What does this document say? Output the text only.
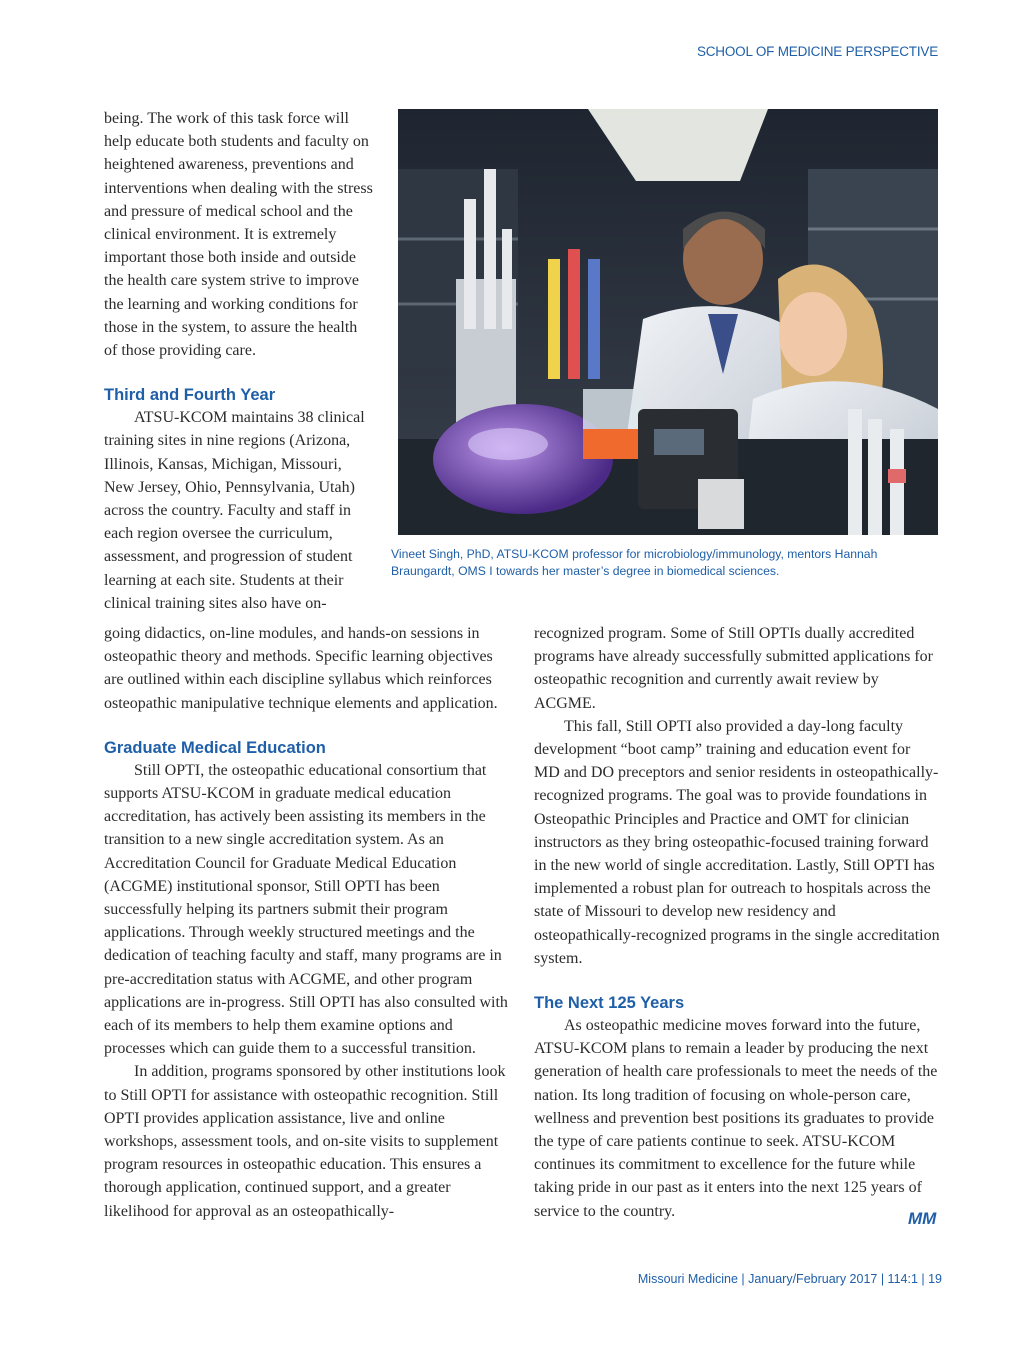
SCHOOL OF MEDICINE PERSPECTIVE

being. The work of this task force will help educate both students and faculty on heightened awareness, preventions and interventions when dealing with the stress and pressure of medical school and the clinical environment. It is extremely important those both inside and outside the health care system strive to improve the learning and working conditions for those in the system, to assure the health of those providing care.

Third and Fourth Year

ATSU-KCOM maintains 38 clinical training sites in nine regions (Arizona, Illinois, Kansas, Michigan, Missouri, New Jersey, Ohio, Pennsylvania, Utah) across the country. Faculty and staff in each region oversee the curriculum, assessment, and progression of student learning at each site. Students at their clinical training sites also have on-

Vineet Singh, PhD, ATSU-KCOM professor for microbiology/immunology, mentors Hannah Braungardt, OMS I towards her master’s degree in biomedical sciences.

going didactics, on-line modules, and hands-on sessions in osteopathic theory and methods. Specific learning objectives are outlined within each discipline syllabus which reinforces osteopathic manipulative technique elements and application.

Graduate Medical Education

Still OPTI, the osteopathic educational consortium that supports ATSU-KCOM in graduate medical education accreditation, has actively been assisting its members in the transition to a new single accreditation system. As an Accreditation Council for Graduate Medical Education (ACGME) institutional sponsor, Still OPTI has been successfully helping its partners submit their program applications. Through weekly structured meetings and the dedication of teaching faculty and staff, many programs are in pre-accreditation status with ACGME, and other program applications are in-progress. Still OPTI has also consulted with each of its members to help them examine options and processes which can guide them to a successful transition.

In addition, programs sponsored by other institutions look to Still OPTI for assistance with osteopathic recognition. Still OPTI provides application assistance, live and online workshops, assessment tools, and on-site visits to supplement program resources in osteopathic education. This ensures a thorough application, continued support, and a greater likelihood for approval as an osteopathically-

recognized program. Some of Still OPTIs dually accredited programs have already successfully submitted applications for osteopathic recognition and currently await review by ACGME.

This fall, Still OPTI also provided a day-long faculty development “boot camp” training and education event for MD and DO preceptors and senior residents in osteopathically-recognized programs. The goal was to provide foundations in Osteopathic Principles and Practice and OMT for clinician instructors as they bring osteopathic-focused training forward in the new world of single accreditation. Lastly, Still OPTI has implemented a robust plan for outreach to hospitals across the state of Missouri to develop new residency and osteopathically-recognized programs in the single accreditation system.

The Next 125 Years

As osteopathic medicine moves forward into the future, ATSU-KCOM plans to remain a leader by producing the next generation of health care professionals to meet the needs of the nation. Its long tradition of focusing on whole-person care, wellness and prevention best positions its graduates to provide the type of care patients continue to seek. ATSU-KCOM continues its commitment to excellence for the future while taking pride in our past as it enters into the next 125 years of service to the country.	MM
Missouri Medicine | January/February 2017 | 114:1 | 19
